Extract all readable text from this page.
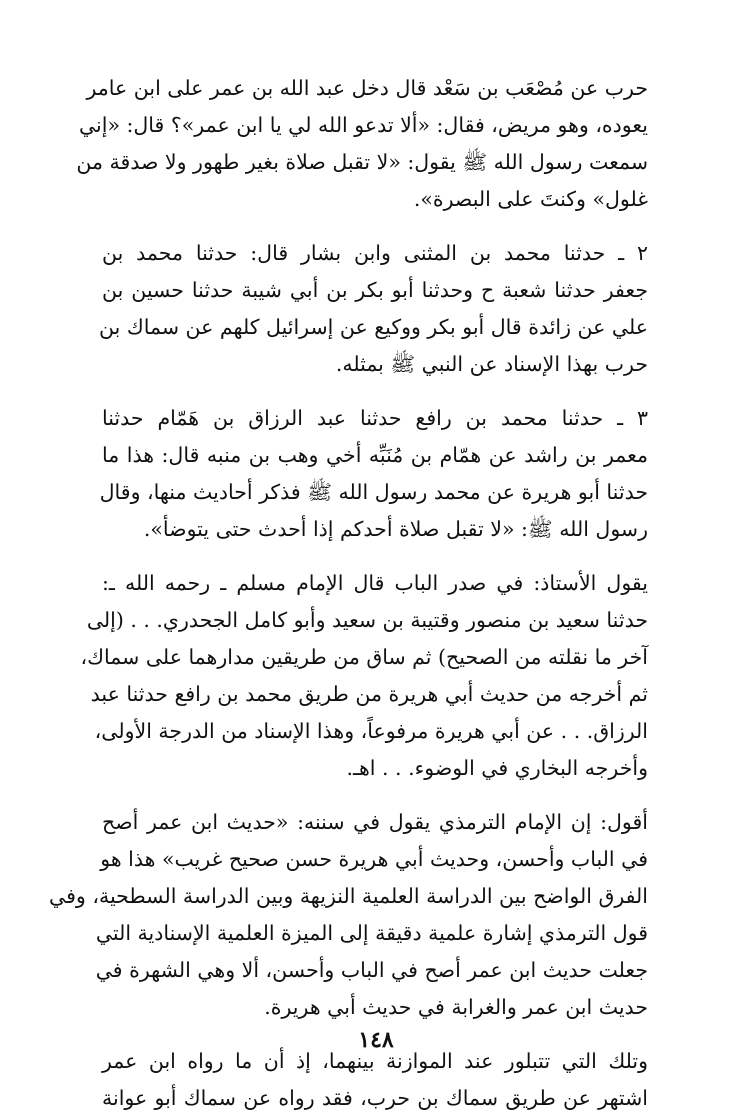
حرب عن مُصْعَب بن سَعْد قال دخل عبد الله بن عمر على ابن عامر
يعوده، وهو مريض، فقال: «ألا تدعو الله لي يا ابن عمر»؟ قال: «إني
سمعت رسول الله ﷺ يقول: «لا تقبل صلاة بغير طهور ولا صدقة من
غلول» وكنتَ على البصرة».

٢ ـ حدثنا محمد بن المثنى وابن بشار قال: حدثنا محمد بن
جعفر حدثنا شعبة ح وحدثنا أبو بكر بن أبي شيبة حدثنا حسين بن
علي عن زائدة قال أبو بكر ووكيع عن إسرائيل كلهم عن سماك بن
حرب بهذا الإسناد عن النبي ﷺ بمثله.

٣ ـ حدثنا محمد بن رافع حدثنا عبد الرزاق بن هَمّام حدثنا
معمر بن راشد عن همّام بن مُنَبِّه أخي وهب بن منبه قال: هذا ما
حدثنا أبو هريرة عن محمد رسول الله ﷺ فذكر أحاديث منها، وقال
رسول الله ﷺ: «لا تقبل صلاة أحدكم إذا أحدث حتى يتوضأ».

يقول الأستاذ: في صدر الباب قال الإمام مسلم ـ رحمه الله ـ:
حدثنا سعيد بن منصور وقتيبة بن سعيد وأبو كامل الجحدري. . . (إلى
آخر ما نقلته من الصحيح) ثم ساق من طريقين مدارهما على سماك،
ثم أخرجه من حديث أبي هريرة من طريق محمد بن رافع حدثنا عبد
الرزاق. . . عن أبي هريرة مرفوعاً، وهذا الإسناد من الدرجة الأولى،
وأخرجه البخاري في الوضوء. . . اهـ.

أقول: إن الإمام الترمذي يقول في سننه: «حديث ابن عمر أصح
في الباب وأحسن، وحديث أبي هريرة حسن صحيح غريب» هذا هو
الفرق الواضح بين الدراسة العلمية النزيهة وبين الدراسة السطحية، وفي
قول الترمذي إشارة علمية دقيقة إلى الميزة العلمية الإسنادية التي
جعلت حديث ابن عمر أصح في الباب وأحسن، ألا وهي الشهرة في
حديث ابن عمر والغرابة في حديث أبي هريرة.

وتلك التي تتبلور عند الموازنة بينهما، إذ أن ما رواه ابن عمر
اشتهر عن طريق سماك بن حرب، فقد رواه عن سماك أبو عوانة

١٤٨
